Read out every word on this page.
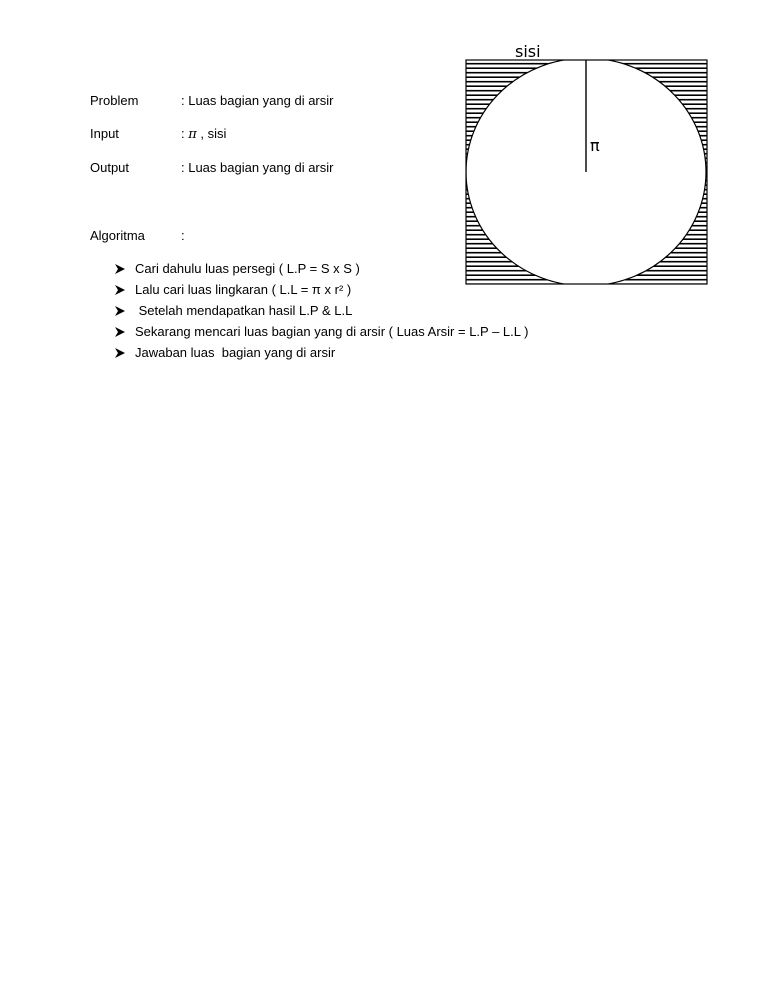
Problem	: Luas bagian yang di arsir
Input	: π , sisi
Output	: Luas bagian yang di arsir
Algoritma	:

Cari dahulu luas persegi ( L.P = S x S )

Lalu cari luas lingkaran ( L.L = π x r² )

Setelah mendapatkan hasil L.P & L.L

Sekarang mencari luas bagian yang di arsir ( Luas Arsir = L.P – L.L )

Jawaban luas  bagian yang di arsir

sisi
π
